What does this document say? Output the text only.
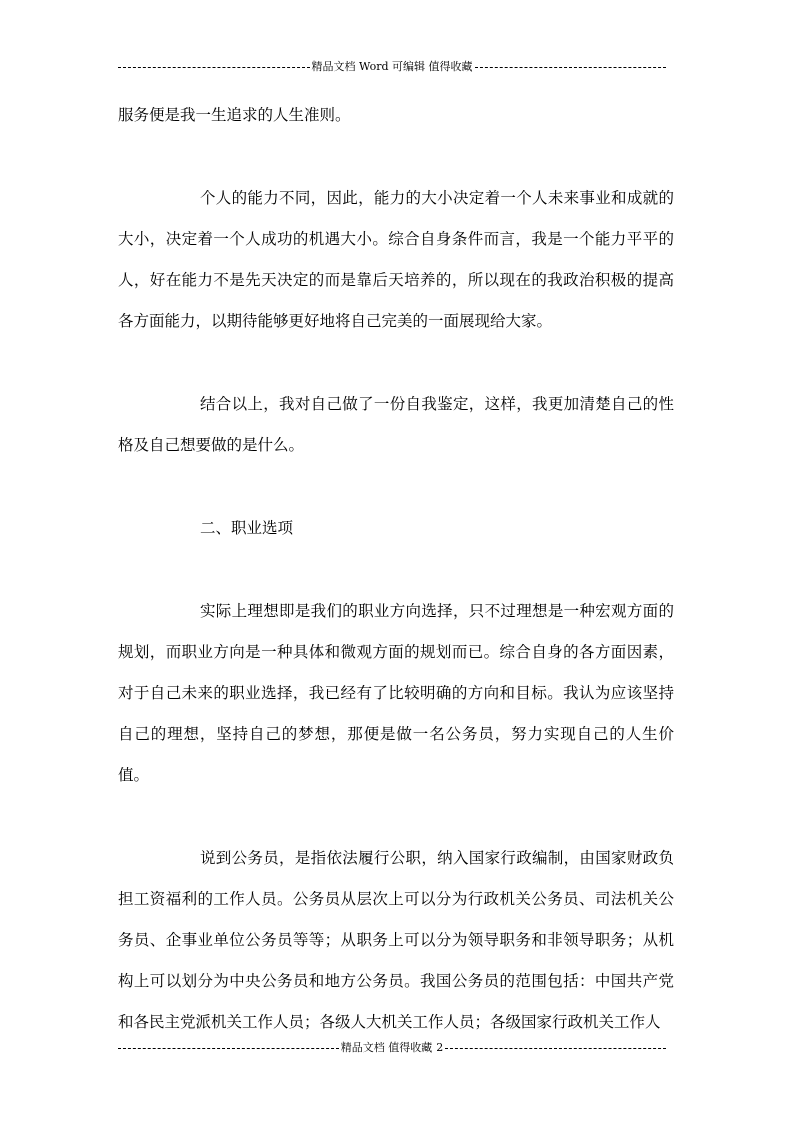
精品文档 Word 可编辑 值得收藏

服务便是我一生追求的人生准则。

个人的能力不同，因此，能力的大小决定着一个人未来事业和成就的大小，决定着一个人成功的机遇大小。综合自身条件而言，我是一个能力平平的人，好在能力不是先天决定的而是靠后天培养的，所以现在的我政治积极的提高各方面能力，以期待能够更好地将自己完美的一面展现给大家。

结合以上，我对自己做了一份自我鉴定，这样，我更加清楚自己的性格及自己想要做的是什么。

二、职业选项

实际上理想即是我们的职业方向选择，只不过理想是一种宏观方面的规划，而职业方向是一种具体和微观方面的规划而已。综合自身的各方面因素，对于自己未来的职业选择，我已经有了比较明确的方向和目标。我认为应该坚持自己的理想，坚持自己的梦想，那便是做一名公务员，努力实现自己的人生价值。

说到公务员，是指依法履行公职，纳入国家行政编制，由国家财政负担工资福利的工作人员。公务员从层次上可以分为行政机关公务员、司法机关公务员、企事业单位公务员等等；从职务上可以分为领导职务和非领导职务；从机构上可以划分为中央公务员和地方公务员。我国公务员的范围包括：中国共产党和各民主党派机关工作人员；各级人大机关工作人员；各级国家行政机关工作人

精品文档 值得收藏 2
